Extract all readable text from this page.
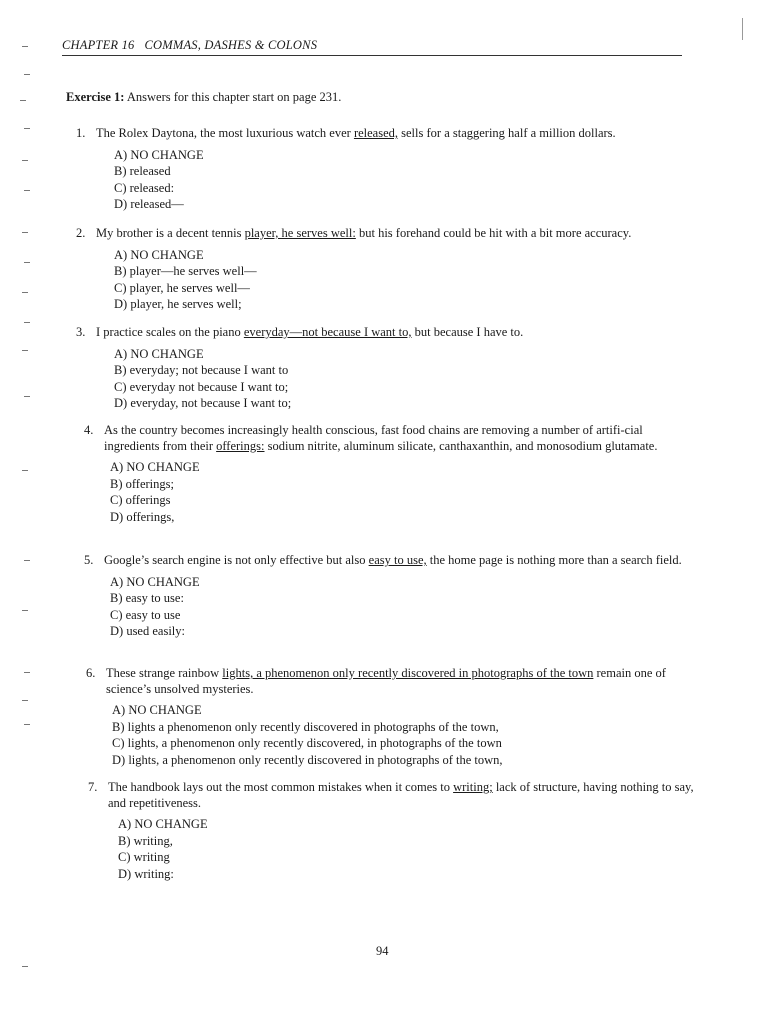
CHAPTER 16 COMMAS, DASHES & COLONS
Exercise 1: Answers for this chapter start on page 231.
1. The Rolex Daytona, the most luxurious watch ever released, sells for a staggering half a million dollars.
A) NO CHANGE
B) released
C) released:
D) released—
2. My brother is a decent tennis player, he serves well: but his forehand could be hit with a bit more accuracy.
A) NO CHANGE
B) player—he serves well—
C) player, he serves well—
D) player, he serves well;
3. I practice scales on the piano everyday—not because I want to, but because I have to.
A) NO CHANGE
B) everyday; not because I want to
C) everyday not because I want to;
D) everyday, not because I want to;
4. As the country becomes increasingly health conscious, fast food chains are removing a number of artifi-cial ingredients from their offerings: sodium nitrite, aluminum silicate, canthaxanthin, and monosodium glutamate.
A) NO CHANGE
B) offerings;
C) offerings
D) offerings,
5. Google’s search engine is not only effective but also easy to use, the home page is nothing more than a search field.
A) NO CHANGE
B) easy to use:
C) easy to use
D) used easily:
6. These strange rainbow lights, a phenomenon only recently discovered in photographs of the town remain one of science’s unsolved mysteries.
A) NO CHANGE
B) lights a phenomenon only recently discovered in photographs of the town,
C) lights, a phenomenon only recently discovered, in photographs of the town
D) lights, a phenomenon only recently discovered in photographs of the town,
7. The handbook lays out the most common mistakes when it comes to writing; lack of structure, having nothing to say, and repetitiveness.
A) NO CHANGE
B) writing,
C) writing
D) writing:
94
